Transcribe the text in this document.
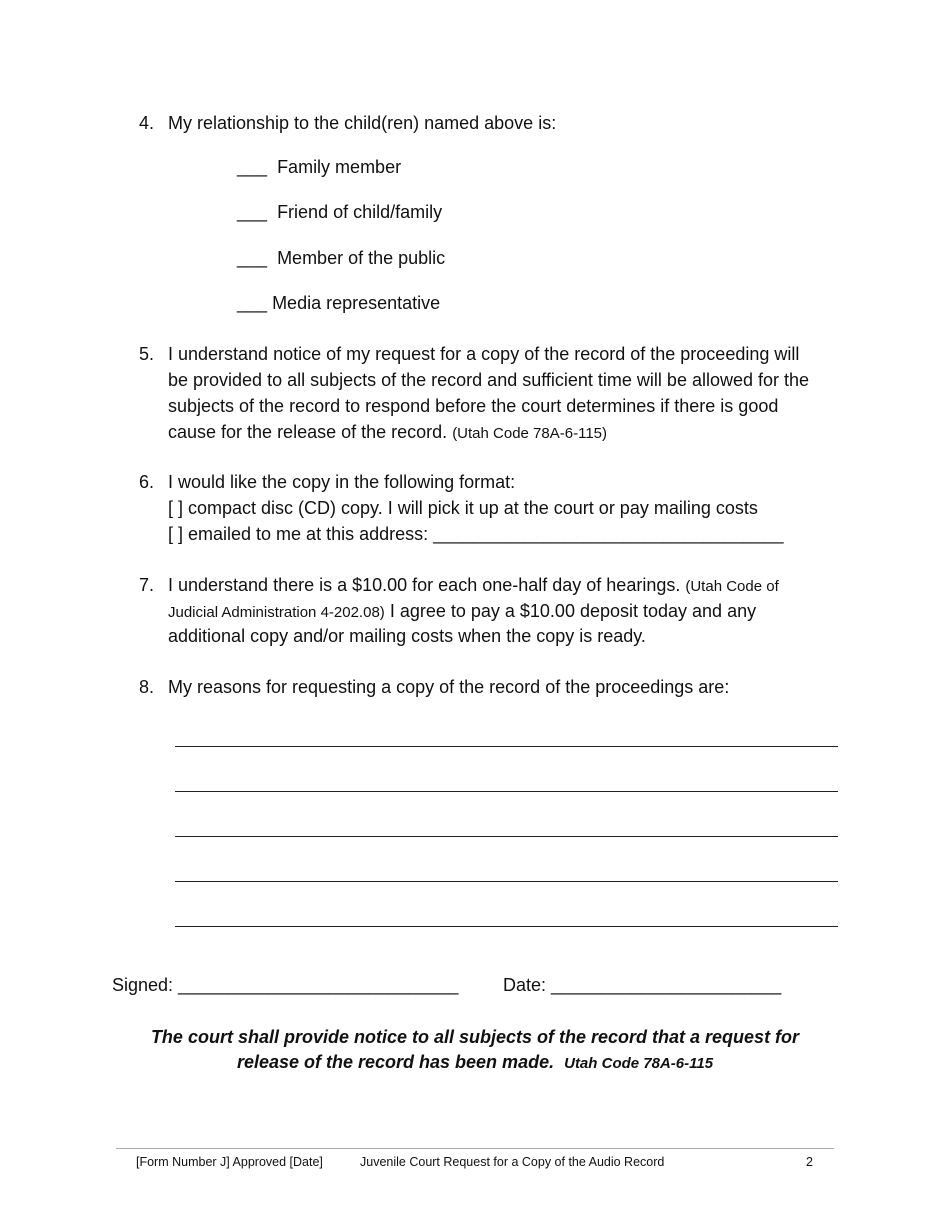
4. My relationship to the child(ren) named above is:
___ Family member
___ Friend of child/family
___ Member of the public
___ Media representative
5. I understand notice of my request for a copy of the record of the proceeding will
be provided to all subjects of the record and sufficient time will be allowed for the
subjects of the record to respond before the court determines if there is good
cause for the release of the record. (Utah Code 78A-6-115)
6. I would like the copy in the following format:
[ ] compact disc (CD) copy. I will pick it up at the court or pay mailing costs
[ ] emailed to me at this address: ___________________________________
7. I understand there is a $10.00 for each one-half day of hearings. (Utah Code of
Judicial Administration 4-202.08) I agree to pay a $10.00 deposit today and any
additional copy and/or mailing costs when the copy is ready.
8. My reasons for requesting a copy of the record of the proceedings are:
Signed: ____________________________ Date: _______________________
The court shall provide notice to all subjects of the record that a request for
release of the record has been made. Utah Code 78A-6-115
[Form Number J] Approved [Date]	Juvenile Court Request for a Copy of the Audio Record	2
